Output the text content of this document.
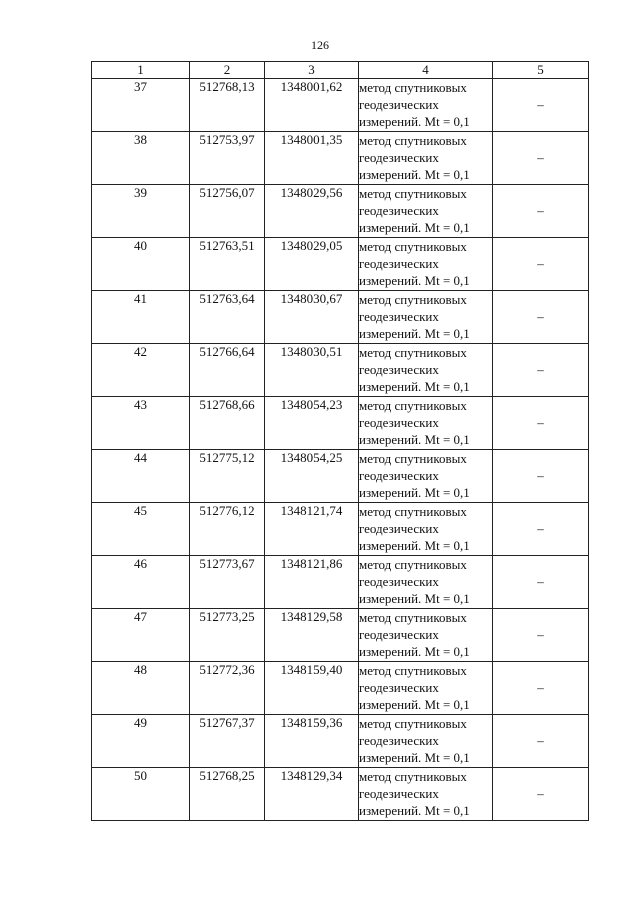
126
1	2	3	4	5
37	512768,13	1348001,62	метод спутниковых
геодезических
измерений. Mt = 0,1	–
38	512753,97	1348001,35	метод спутниковых
геодезических
измерений. Mt = 0,1	–
39	512756,07	1348029,56	метод спутниковых
геодезических
измерений. Mt = 0,1	–
40	512763,51	1348029,05	метод спутниковых
геодезических
измерений. Mt = 0,1	–
41	512763,64	1348030,67	метод спутниковых
геодезических
измерений. Mt = 0,1	–
42	512766,64	1348030,51	метод спутниковых
геодезических
измерений. Mt = 0,1	–
43	512768,66	1348054,23	метод спутниковых
геодезических
измерений. Mt = 0,1	–
44	512775,12	1348054,25	метод спутниковых
геодезических
измерений. Mt = 0,1	–
45	512776,12	1348121,74	метод спутниковых
геодезических
измерений. Mt = 0,1	–
46	512773,67	1348121,86	метод спутниковых
геодезических
измерений. Mt = 0,1	–
47	512773,25	1348129,58	метод спутниковых
геодезических
измерений. Mt = 0,1	–
48	512772,36	1348159,40	метод спутниковых
геодезических
измерений. Mt = 0,1	–
49	512767,37	1348159,36	метод спутниковых
геодезических
измерений. Mt = 0,1	–
50	512768,25	1348129,34	метод спутниковых
геодезических
измерений. Mt = 0,1	–
